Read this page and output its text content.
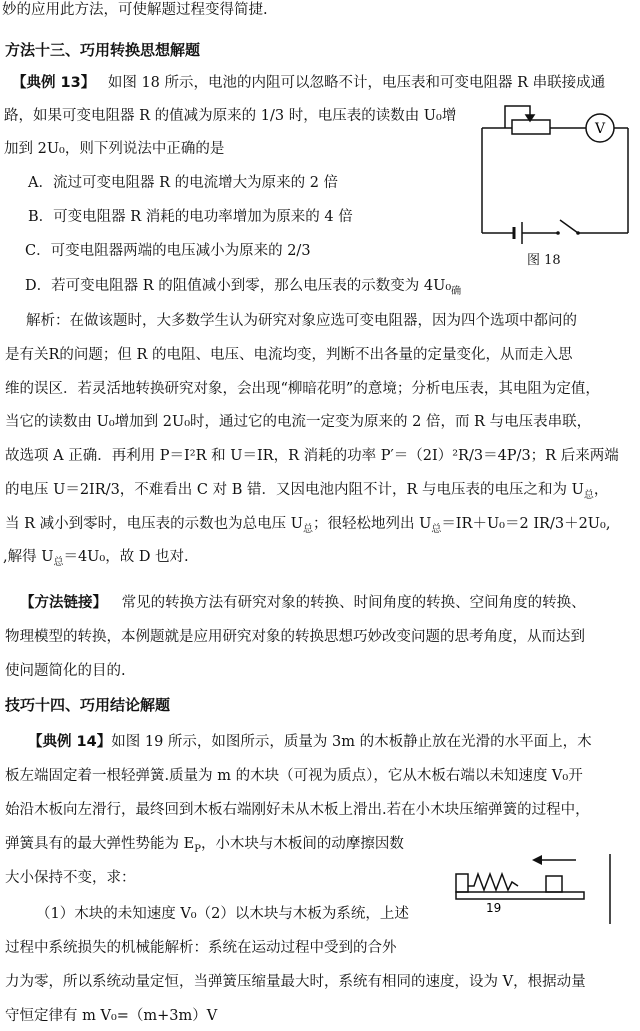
妙的应用此方法，可使解题过程变得简捷.
方法十三、巧用转换思想解题
【典例 13】 如图 18 所示，电池的内阻可以忽略不计，电压表和可变电阻器 R 串联接成通
路，如果可变电阻器 R 的值减为原来的 1/3 时，电压表的读数由 U₀增
加到 2U₀，则下列说法中正确的是
A．流过可变电阻器 R 的电流增大为原来的 2 倍
B．可变电阻器 R 消耗的电功率增加为原来的 4 倍
C．可变电阻器两端的电压减小为原来的 2/3
D．若可变电阻器 R 的阻值减小到零，那么电压表的示数变为 $4U_0_确$
V
图 18
解析：在做该题时，大多数学生认为研究对象应选可变电阻器，因为四个选项中都问的
是有关R的问题；但 R 的电阻、电压、电流均变，判断不出各量的定量变化，从而走入思
维的误区．若灵活地转换研究对象，会出现“柳暗花明”的意境；分析电压表，其电阻为定值，
当它的读数由 U₀增加到 2U₀时，通过它的电流一定变为原来的 2 倍，而 R 与电压表串联，
故选项 A 正确．再利用 P＝I²R 和 U＝IR，R 消耗的功率 P′＝（2I）²R/3＝4P/3；R 后来两端
的电压 U＝2IR/3，不难看出 C 对 B 错．又因电池内阻不计，R 与电压表的电压之和为 $U_总$，
当 R 减小到零时，电压表的示数也为总电压 $U_总$；很轻松地列出 $U_总=IR+U_0=2$ IR/3＋2U₀,
,解得 $U_总=4U_0$，故 D 也对.
【方法链接】 常见的转换方法有研究对象的转换、时间角度的转换、空间角度的转换、
物理模型的转换，本例题就是应用研究对象的转换思想巧妙改变问题的思考角度，从而达到
使问题简化的目的.
技巧十四、巧用结论解题
【典例 14】如图 19 所示，如图所示，质量为 3m 的木板静止放在光滑的水平面上，木
板左端固定着一根轻弹簧.质量为 m 的木块（可视为质点），它从木板右端以未知速度 V₀开
始沿木板向左滑行，最终回到木板右端刚好未从木板上滑出.若在小木块压缩弹簧的过程中，
弹簧具有的最大弹性势能为 $E_P$，小木块与木板间的动摩擦因数
大小保持不变，求：
（1）木块的未知速度 V₀（2）以木块与木板为系统，上述
过程中系统损失的机械能解析：系统在运动过程中受到的合外
力为零，所以系统动量定恒，当弹簧压缩量最大时，系统有相同的速度，设为 V，根据动量
守恒定律有 m V₀=（m+3m）V
19
